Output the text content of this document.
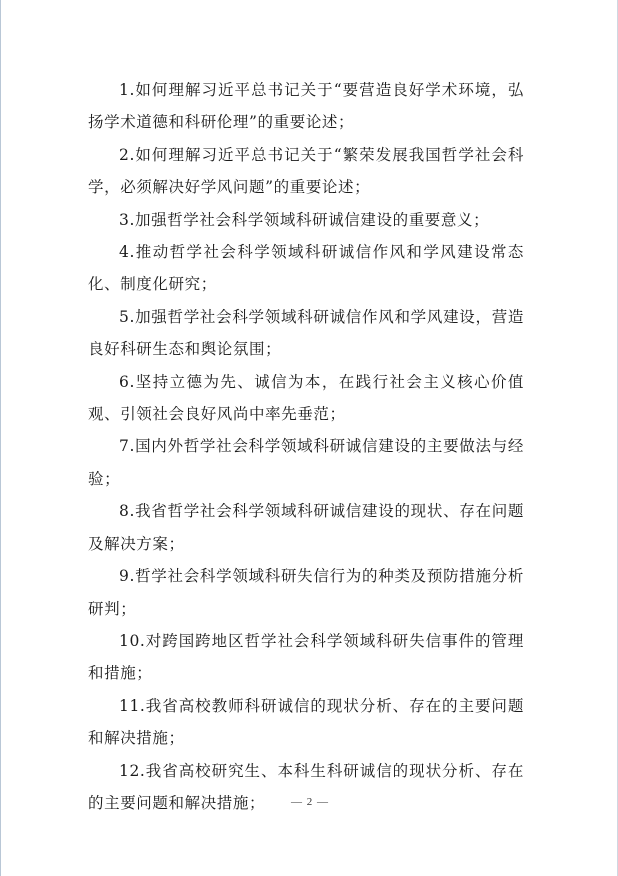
1.如何理解习近平总书记关于“要营造良好学术环境，弘扬学术道德和科研伦理”的重要论述；

2.如何理解习近平总书记关于“繁荣发展我国哲学社会科学，必须解决好学风问题”的重要论述；

3.加强哲学社会科学领域科研诚信建设的重要意义；

4.推动哲学社会科学领域科研诚信作风和学风建设常态化、制度化研究；

5.加强哲学社会科学领域科研诚信作风和学风建设，营造良好科研生态和舆论氛围；

6.坚持立德为先、诚信为本，在践行社会主义核心价值观、引领社会良好风尚中率先垂范；

7.国内外哲学社会科学领域科研诚信建设的主要做法与经验；

8.我省哲学社会科学领域科研诚信建设的现状、存在问题及解决方案；

9.哲学社会科学领域科研失信行为的种类及预防措施分析研判；

10.对跨国跨地区哲学社会科学领域科研失信事件的管理和措施；

11.我省高校教师科研诚信的现状分析、存在的主要问题和解决措施；

12.我省高校研究生、本科生科研诚信的现状分析、存在的主要问题和解决措施；	— 2 —
